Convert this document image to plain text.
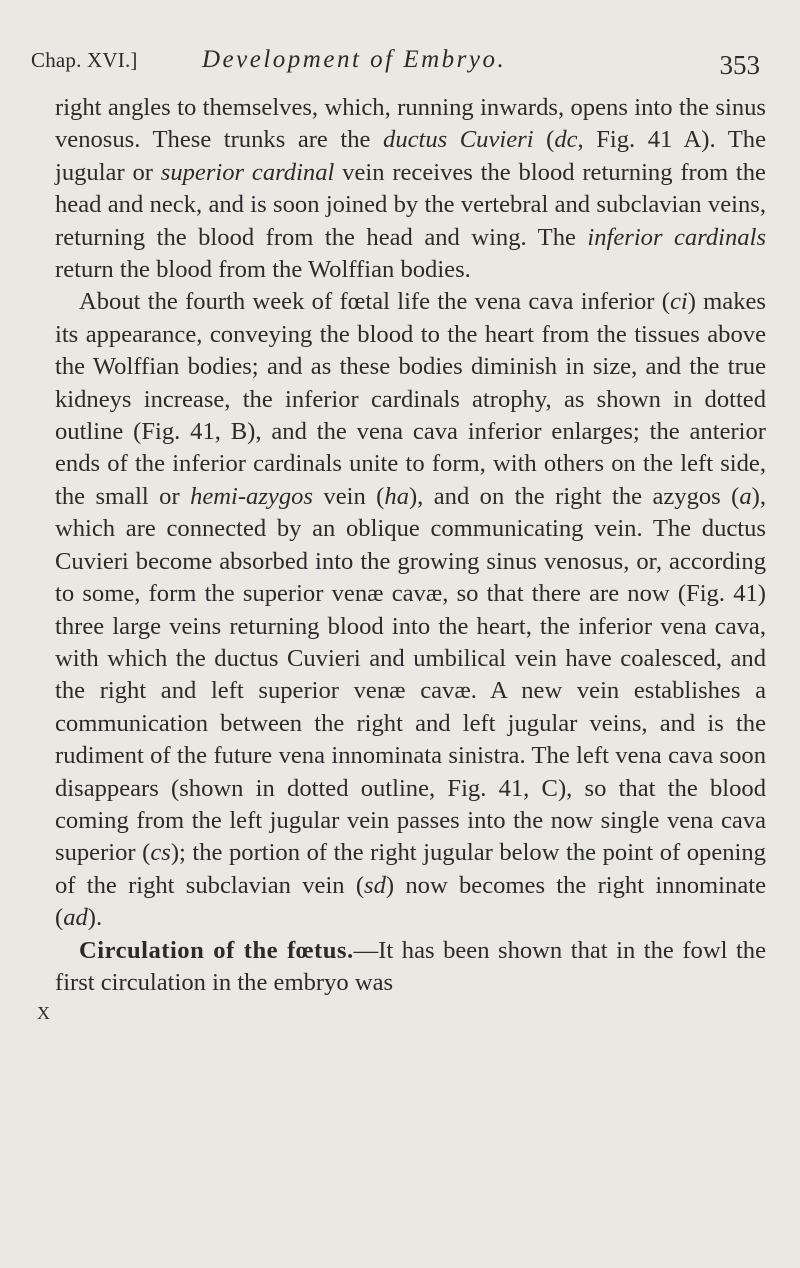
Chap. XVI.]	Development of Embryo.	353

right angles to themselves, which, running inwards, opens into the sinus venosus. These trunks are the ductus Cuvieri (dc, Fig. 41 A). The jugular or superior cardinal vein receives the blood returning from the head and neck, and is soon joined by the vertebral and subclavian veins, returning the blood from the head and wing. The inferior cardinals return the blood from the Wolffian bodies.

About the fourth week of fœtal life the vena cava inferior (ci) makes its appearance, conveying the blood to the heart from the tissues above the Wolffian bodies; and as these bodies diminish in size, and the true kidneys increase, the inferior cardinals atrophy, as shown in dotted outline (Fig. 41, B), and the vena cava inferior enlarges; the anterior ends of the inferior cardinals unite to form, with others on the left side, the small or hemi-azygos vein (ha), and on the right the azygos (a), which are connected by an oblique communicating vein. The ductus Cuvieri become absorbed into the growing sinus venosus, or, according to some, form the superior venæ cavæ, so that there are now (Fig. 41) three large veins returning blood into the heart, the inferior vena cava, with which the ductus Cuvieri and umbilical vein have coalesced, and the right and left superior venæ cavæ. A new vein establishes a communication between the right and left jugular veins, and is the rudiment of the future vena innominata sinistra. The left vena cava soon disappears (shown in dotted outline, Fig. 41, C), so that the blood coming from the left jugular vein passes into the now single vena cava superior (cs); the portion of the right jugular below the point of opening of the right subclavian vein (sd) now becomes the right innominate (ad).

Circulation of the fœtus.—It has been shown that in the fowl the first circulation in the embryo was

X
